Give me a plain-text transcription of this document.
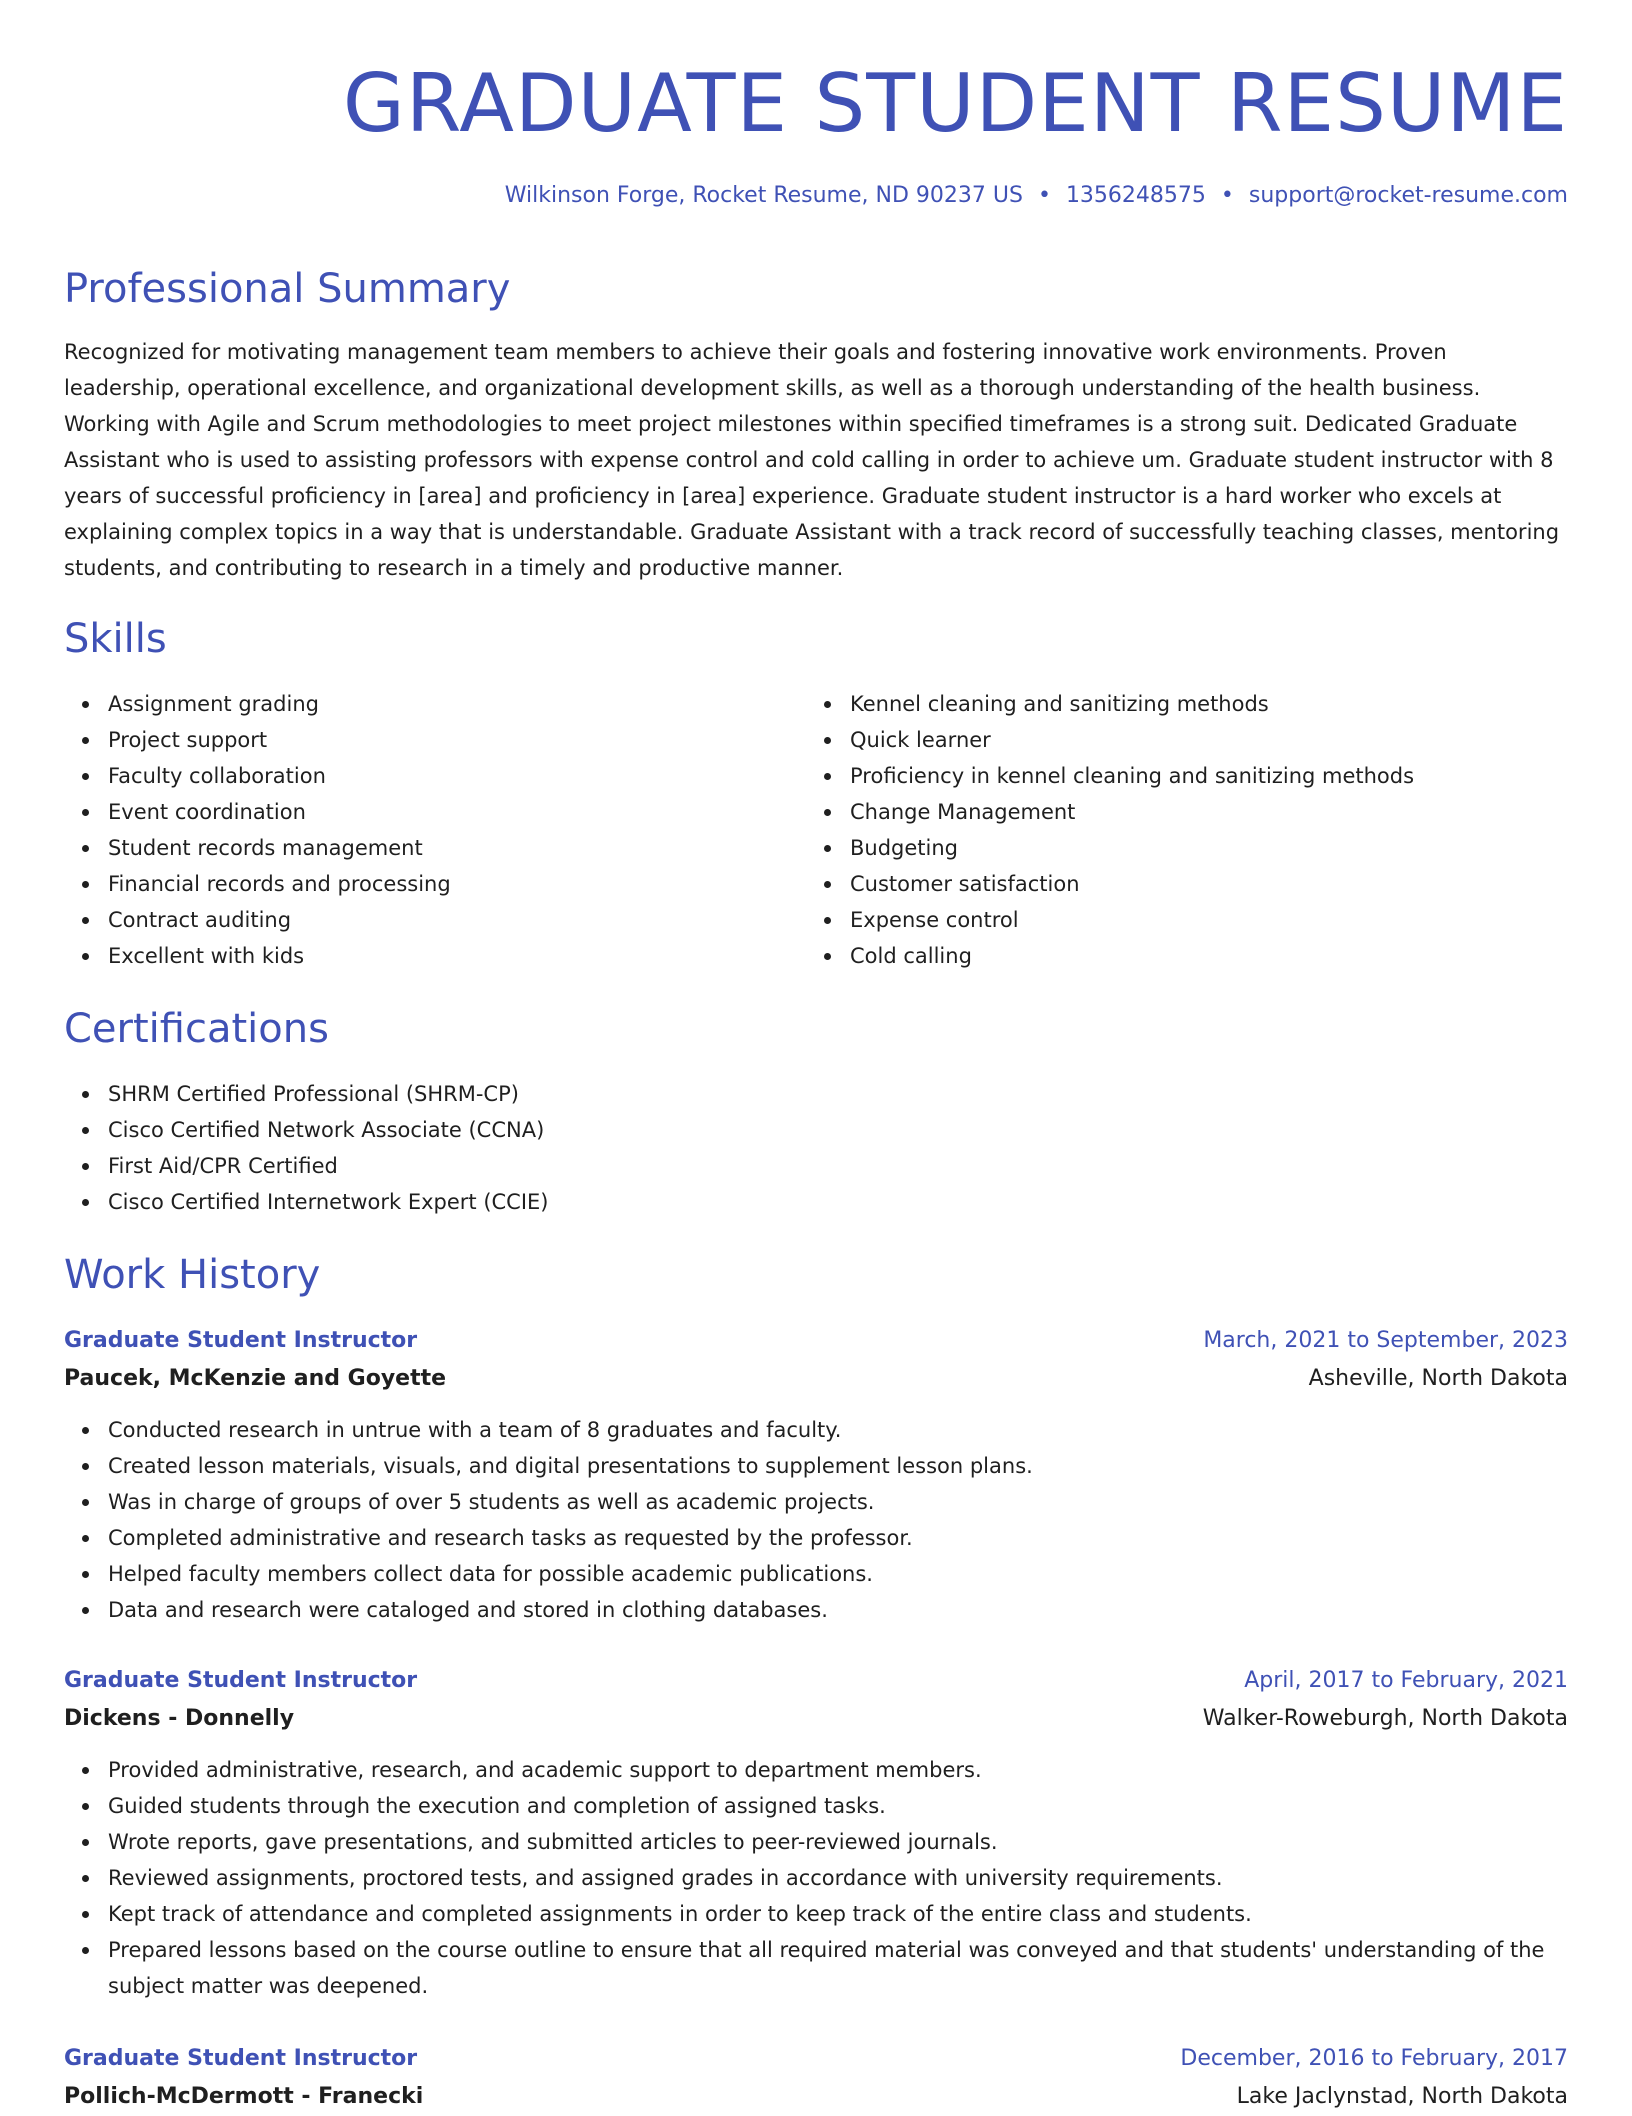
GRADUATE STUDENT RESUME
Wilkinson Forge, Rocket Resume, ND 90237 US • 1356248575 • support@rocket-resume.com
Professional Summary

Recognized for motivating management team members to achieve their goals and fostering innovative work environments. Proven leadership, operational excellence, and organizational development skills, as well as a thorough understanding of the health business. Working with Agile and Scrum methodologies to meet project milestones within specified timeframes is a strong suit. Dedicated Graduate Assistant who is used to assisting professors with expense control and cold calling in order to achieve um. Graduate student instructor with 8 years of successful proficiency in [area] and proficiency in [area] experience. Graduate student instructor is a hard worker who excels at explaining complex topics in a way that is understandable. Graduate Assistant with a track record of successfully teaching classes, mentoring students, and contributing to research in a timely and productive manner.

Skills
Assignment grading
Project support
Faculty collaboration
Event coordination
Student records management
Financial records and processing
Contract auditing
Excellent with kids
Kennel cleaning and sanitizing methods
Quick learner
Proficiency in kennel cleaning and sanitizing methods
Change Management
Budgeting
Customer satisfaction
Expense control
Cold calling
Certifications
SHRM Certified Professional (SHRM-CP)
Cisco Certified Network Associate (CCNA)
First Aid/CPR Certified
Cisco Certified Internetwork Expert (CCIE)
Work History
Graduate Student Instructor	March, 2021 to September, 2023
Paucek, McKenzie and Goyette	Asheville, North Dakota
Conducted research in untrue with a team of 8 graduates and faculty.
Created lesson materials, visuals, and digital presentations to supplement lesson plans.
Was in charge of groups of over 5 students as well as academic projects.
Completed administrative and research tasks as requested by the professor.
Helped faculty members collect data for possible academic publications.
Data and research were cataloged and stored in clothing databases.
Graduate Student Instructor	April, 2017 to February, 2021
Dickens - Donnelly	Walker-Roweburgh, North Dakota
Provided administrative, research, and academic support to department members.
Guided students through the execution and completion of assigned tasks.
Wrote reports, gave presentations, and submitted articles to peer-reviewed journals.
Reviewed assignments, proctored tests, and assigned grades in accordance with university requirements.
Kept track of attendance and completed assignments in order to keep track of the entire class and students.
Prepared lessons based on the course outline to ensure that all required material was conveyed and that students' understanding of the subject matter was deepened.
Graduate Student Instructor	December, 2016 to February, 2017
Pollich-McDermott - Franecki	Lake Jaclynstad, North Dakota
